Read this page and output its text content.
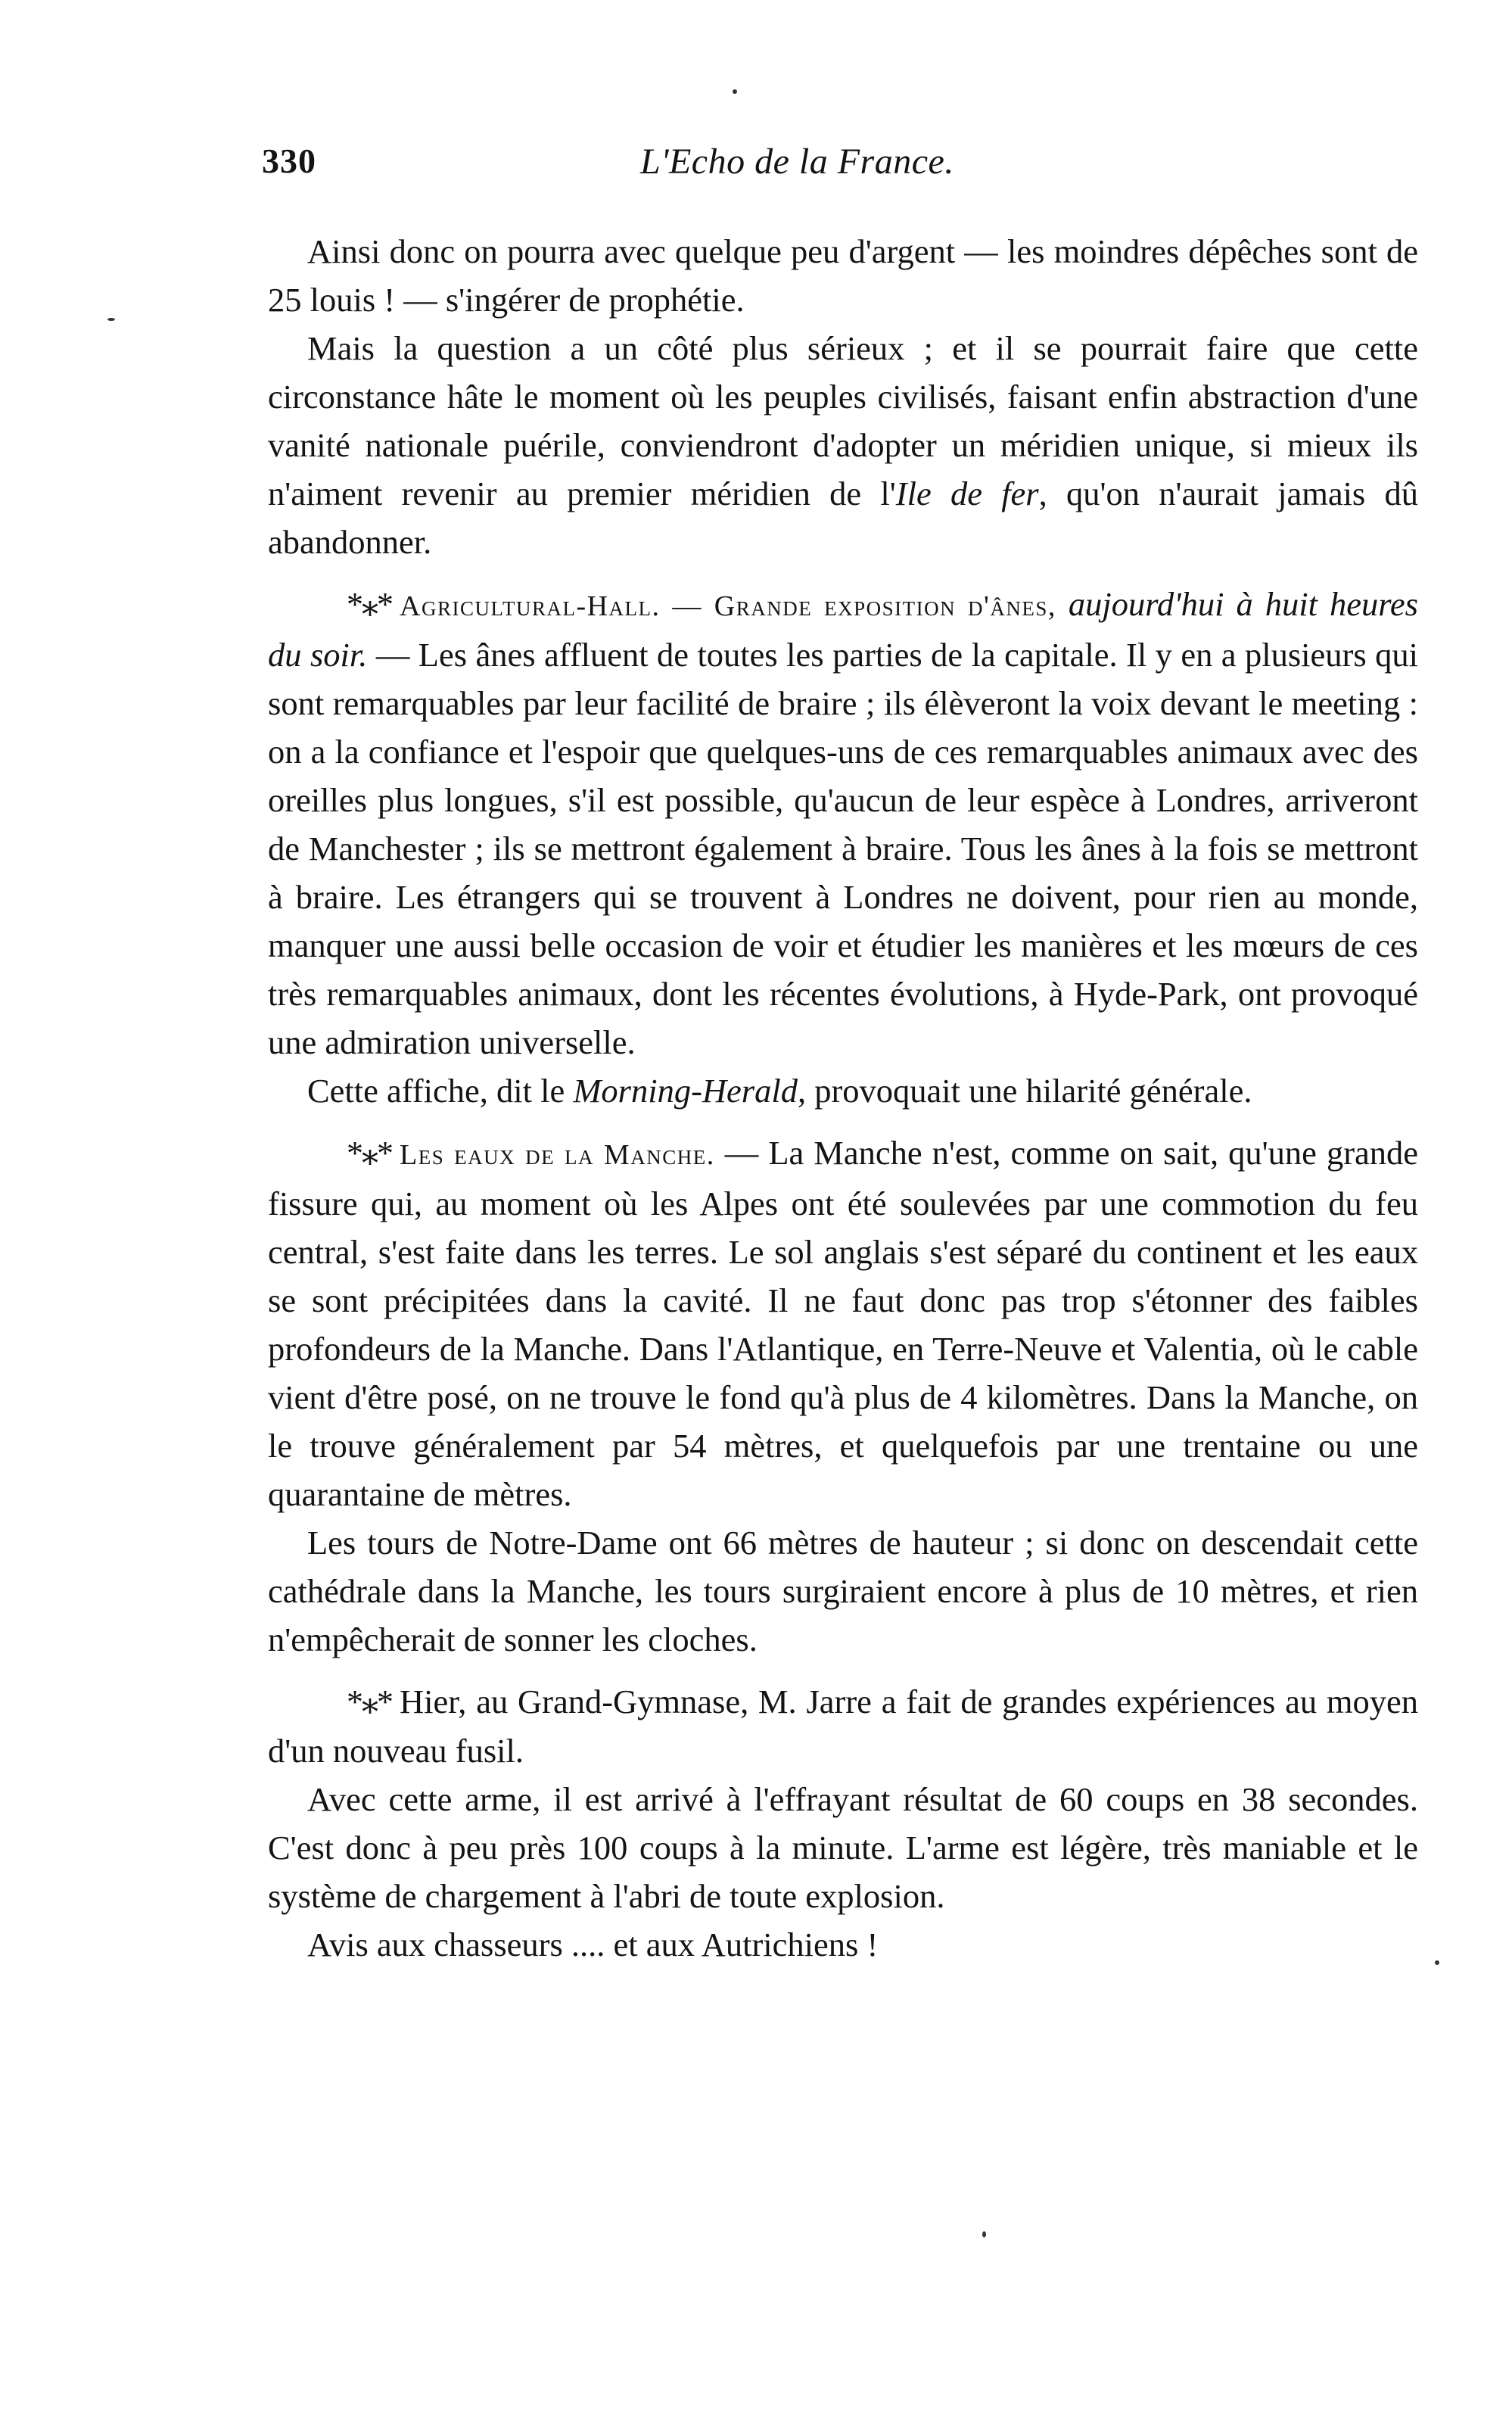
330	L'Echo de la France.

Ainsi donc on pourra avec quelque peu d'argent — les moindres dépêches sont de 25 louis ! — s'ingérer de prophétie.

Mais la question a un côté plus sérieux ; et il se pourrait faire que cette circonstance hâte le moment où les peuples civilisés, faisant enfin abstraction d'une vanité nationale puérile, conviendront d'adopter un méridien unique, si mieux ils n'aiment revenir au premier méridien de l'Ile de fer, qu'on n'aurait jamais dû abandonner.

*⁎* Agricultural-Hall. — Grande exposition d'ânes, aujourd'hui à huit heures du soir. — Les ânes affluent de toutes les parties de la capitale. Il y en a plusieurs qui sont remarquables par leur facilité de braire ; ils élèveront la voix devant le meeting : on a la confiance et l'espoir que quelques-uns de ces remarquables animaux avec des oreilles plus longues, s'il est possible, qu'aucun de leur espèce à Londres, arriveront de Manchester ; ils se mettront également à braire. Tous les ânes à la fois se mettront à braire. Les étrangers qui se trouvent à Londres ne doivent, pour rien au monde, manquer une aussi belle occasion de voir et étudier les manières et les mœurs de ces très remarquables animaux, dont les récentes évolutions, à Hyde-Park, ont provoqué une admiration universelle.

Cette affiche, dit le Morning-Herald, provoquait une hilarité générale.

*⁎* Les eaux de la Manche. — La Manche n'est, comme on sait, qu'une grande fissure qui, au moment où les Alpes ont été soulevées par une commotion du feu central, s'est faite dans les terres. Le sol anglais s'est séparé du continent et les eaux se sont précipitées dans la cavité. Il ne faut donc pas trop s'étonner des faibles profondeurs de la Manche. Dans l'Atlantique, en Terre-Neuve et Valentia, où le cable vient d'être posé, on ne trouve le fond qu'à plus de 4 kilomètres. Dans la Manche, on le trouve généralement par 54 mètres, et quelquefois par une trentaine ou une quarantaine de mètres.

Les tours de Notre-Dame ont 66 mètres de hauteur ; si donc on descendait cette cathédrale dans la Manche, les tours surgiraient encore à plus de 10 mètres, et rien n'empêcherait de sonner les cloches.

*⁎* Hier, au Grand-Gymnase, M. Jarre a fait de grandes expériences au moyen d'un nouveau fusil.

Avec cette arme, il est arrivé à l'effrayant résultat de 60 coups en 38 secondes. C'est donc à peu près 100 coups à la minute. L'arme est légère, très maniable et le système de chargement à l'abri de toute explosion.

Avis aux chasseurs .... et aux Autrichiens !
